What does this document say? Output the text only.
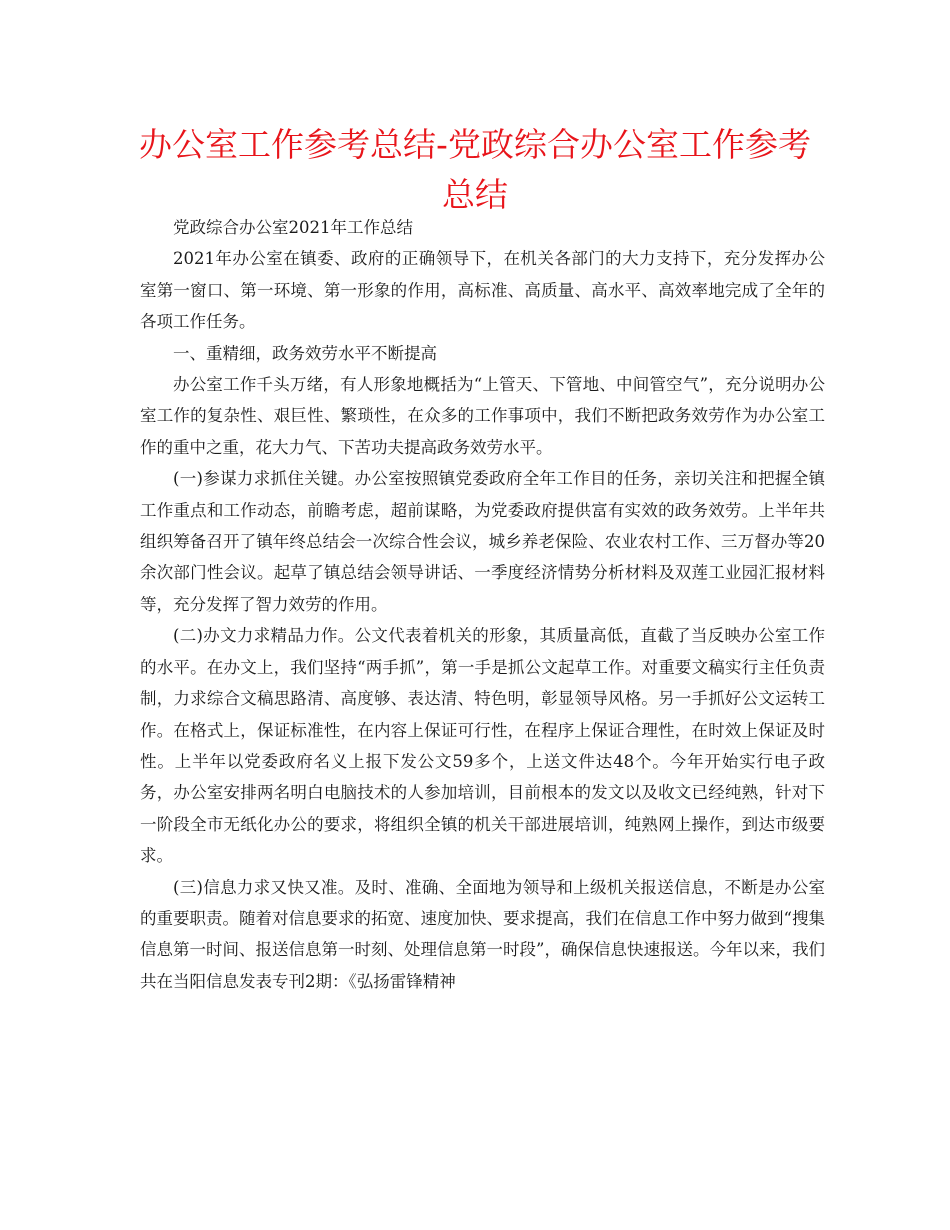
办公室工作参考总结-党政综合办公室工作参考总结

党政综合办公室2021年工作总结

2021年办公室在镇委、政府的正确领导下，在机关各部门的大力支持下，充分发挥办公室第一窗口、第一环境、第一形象的作用，高标准、高质量、高水平、高效率地完成了全年的各项工作任务。

一、重精细，政务效劳水平不断提高

办公室工作千头万绪，有人形象地概括为“上管天、下管地、中间管空气”，充分说明办公室工作的复杂性、艰巨性、繁琐性，在众多的工作事项中，我们不断把政务效劳作为办公室工作的重中之重，花大力气、下苦功夫提高政务效劳水平。

(一)参谋力求抓住关键。办公室按照镇党委政府全年工作目的任务，亲切关注和把握全镇工作重点和工作动态，前瞻考虑，超前谋略，为党委政府提供富有实效的政务效劳。上半年共组织筹备召开了镇年终总结会一次综合性会议，城乡养老保险、农业农村工作、三万督办等20余次部门性会议。起草了镇总结会领导讲话、一季度经济情势分析材料及双莲工业园汇报材料等，充分发挥了智力效劳的作用。

(二)办文力求精品力作。公文代表着机关的形象，其质量高低，直截了当反映办公室工作的水平。在办文上，我们坚持“两手抓”，第一手是抓公文起草工作。对重要文稿实行主任负责制，力求综合文稿思路清、高度够、表达清、特色明，彰显领导风格。另一手抓好公文运转工作。在格式上，保证标准性，在内容上保证可行性，在程序上保证合理性，在时效上保证及时性。上半年以党委政府名义上报下发公文59多个，上送文件达48个。今年开始实行电子政务，办公室安排两名明白电脑技术的人参加培训，目前根本的发文以及收文已经纯熟，针对下一阶段全市无纸化办公的要求，将组织全镇的机关干部进展培训，纯熟网上操作，到达市级要求。

(三)信息力求又快又准。及时、准确、全面地为领导和上级机关报送信息，不断是办公室的重要职责。随着对信息要求的拓宽、速度加快、要求提高，我们在信息工作中努力做到“搜集信息第一时间、报送信息第一时刻、处理信息第一时段”，确保信息快速报送。今年以来，我们共在当阳信息发表专刊2期：《弘扬雷锋精神
